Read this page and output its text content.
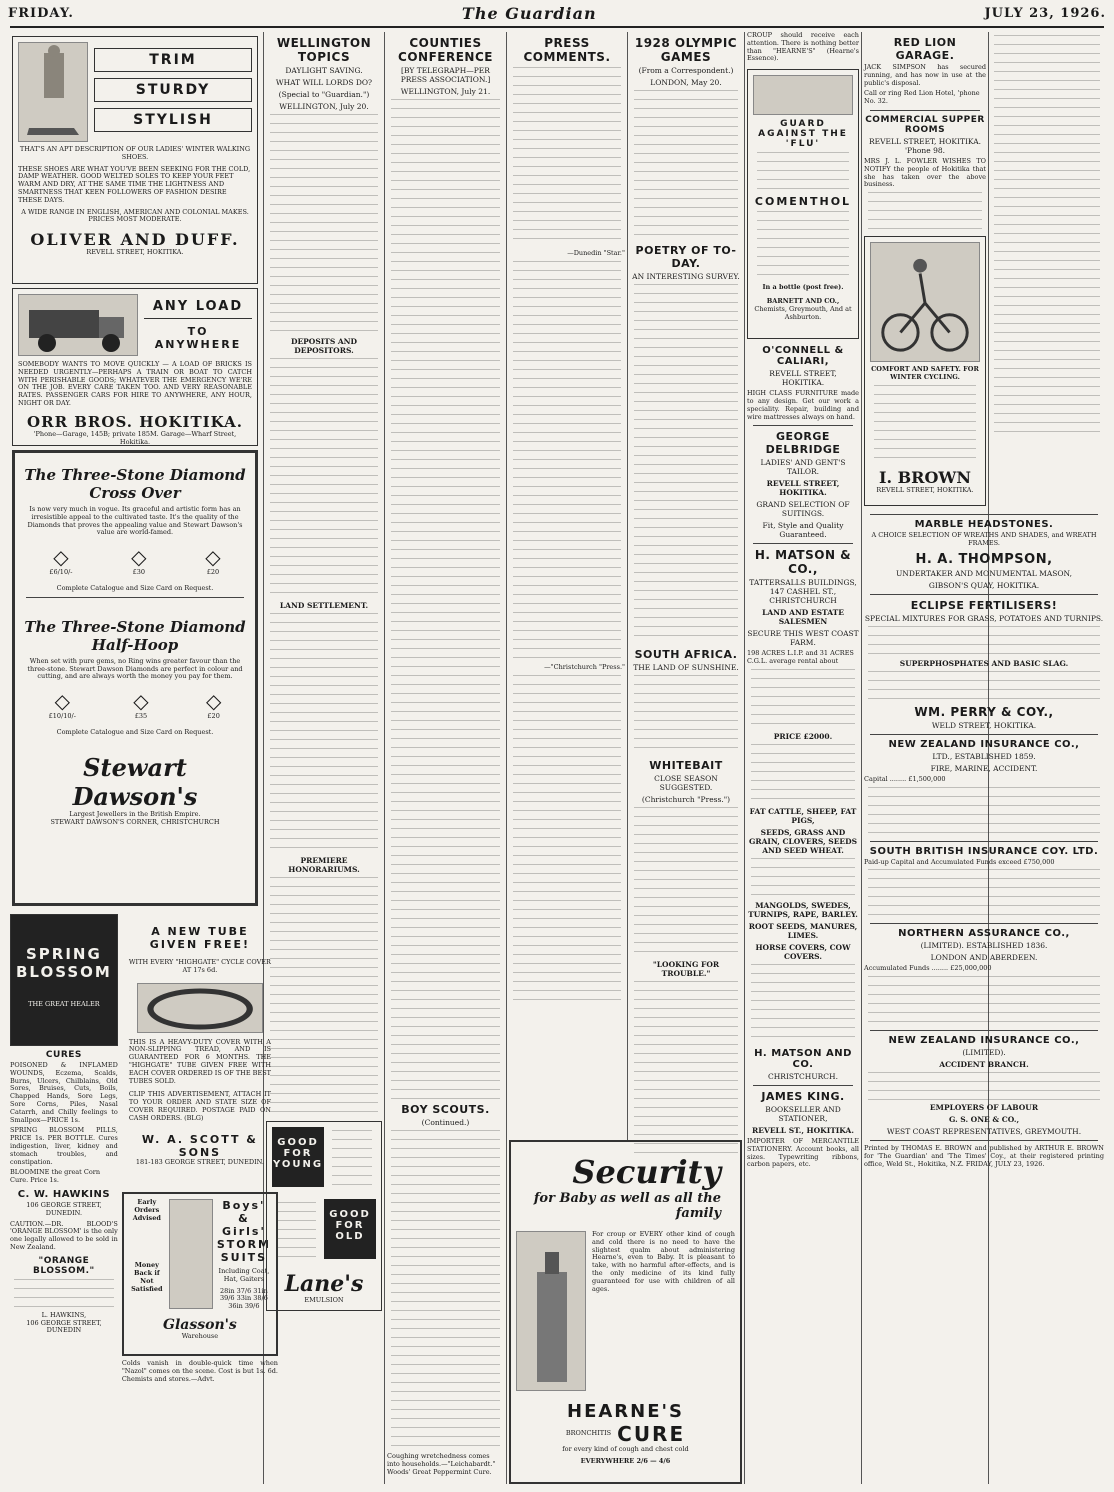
FRIDAY.	The Guardian	JULY 23, 1926.
TRIM
STURDY
STYLISH
THAT'S AN APT DESCRIPTION OF OUR LADIES' WINTER WALKING SHOES.
THESE SHOES ARE WHAT YOU'VE BEEN SEEKING FOR THE COLD, DAMP WEATHER. GOOD WELTED SOLES TO KEEP YOUR FEET WARM AND DRY, AT THE SAME TIME THE LIGHTNESS AND SMARTNESS THAT KEEN FOLLOWERS OF FASHION DESIRE THESE DAYS.
A WIDE RANGE IN ENGLISH, AMERICAN AND COLONIAL MAKES. PRICES MOST MODERATE.
OLIVER AND DUFF.
REVELL STREET, HOKITIKA.
ANY LOAD
TO ANYWHERE
SOMEBODY WANTS TO MOVE QUICKLY — A LOAD OF BRICKS IS NEEDED URGENTLY—PERHAPS A TRAIN OR BOAT TO CATCH WITH PERISHABLE GOODS; WHATEVER THE EMERGENCY WE'RE ON THE JOB. EVERY CARE TAKEN TOO. AND VERY REASONABLE RATES. PASSENGER CARS FOR HIRE TO ANYWHERE, ANY HOUR, NIGHT OR DAY.
ORR BROS. HOKITIKA.
'Phone—Garage, 145B; private 185M. Garage—Wharf Street, Hokitika.
The Three-Stone Diamond Cross Over
Is now very much in vogue. Its graceful and artistic form has an irresistible appeal to the cultivated taste. It's the quality of the Diamonds that proves the appealing value and Stewart Dawson's value are world-famed.
◇
£6/10/-
◇
£30
◇
£20
Complete Catalogue and Size Card on Request.
The Three-Stone Diamond Half-Hoop
When set with pure gems, no Ring wins greater favour than the three-stone. Stewart Dawson Diamonds are perfect in colour and cutting, and are always worth the money you pay for them.
◇
£10/10/-
◇
£35
◇
£20
Complete Catalogue and Size Card on Request.
Stewart Dawson's
Largest Jewellers in the British Empire.
STEWART DAWSON'S CORNER, CHRISTCHURCH
SPRING BLOSSOM
THE GREAT HEALER
CURES
POISONED & INFLAMED WOUNDS, Eczema, Scalds, Burns, Ulcers, Chilblains, Old Sores, Bruises, Cuts, Boils, Chapped Hands, Sore Legs, Sore Corns, Piles, Nasal Catarrh, and Chilly feelings to Smallpox—PRICE 1s.
SPRING BLOSSOM PILLS, PRICE 1s. PER BOTTLE. Cures indigestion, liver, kidney and stomach troubles, and constipation.
BLOOMINE the great Corn Cure. Price 1s.
C. W. HAWKINS
106 GEORGE STREET, DUNEDIN.
CAUTION.—DR. BLOOD'S 'ORANGE BLOSSOM' is the only one legally allowed to be sold in New Zealand.
"ORANGE BLOSSOM."
L. HAWKINS,
106 GEORGE STREET, DUNEDIN
A NEW TUBE GIVEN FREE!
WITH EVERY "HIGHGATE" CYCLE COVER AT 17s 6d.
THIS IS A HEAVY-DUTY COVER WITH A NON-SLIPPING TREAD, AND IS GUARANTEED FOR 6 MONTHS. THE "HIGHGATE" TUBE GIVEN FREE WITH EACH COVER ORDERED IS OF THE BEST TUBES SOLD.
CLIP THIS ADVERTISEMENT, ATTACH IT TO YOUR ORDER AND STATE SIZE OF COVER REQUIRED. POSTAGE PAID ON CASH ORDERS. (BLG)
W. A. SCOTT & SONS
181-183 GEORGE STREET, DUNEDIN.
Early Orders Advised
Money Back if Not Satisfied
Boys' & Girls' STORM SUITS
Including Coat, Hat, Gaiters
28in 37/6 31in 39/6 33in 38/6 36in 39/6
Glasson's
Warehouse
Colds vanish in double-quick time when "Nazol" comes on the scene. Cost is but 1s. 6d. Chemists and stores.—Advt.
WELLINGTON TOPICS
DAYLIGHT SAVING.
WHAT WILL LORDS DO?
(Special to "Guardian.")
WELLINGTON, July 20.
DEPOSITS AND DEPOSITORS.
LAND SETTLEMENT.
PREMIERE HONORARIUMS.
GOOD FOR YOUNG
GOOD FOR OLD
Lane's
EMULSION
COUNTIES CONFERENCE
[BY TELEGRAPH—PER PRESS ASSOCIATION.]
WELLINGTON, July 21.
BOY SCOUTS.
(Continued.)
Coughing wretchedness comes into households.—"Leichabardt."
Woods' Great Peppermint Cure.
PRESS COMMENTS.
—Dunedin "Star."
—"Christchurch "Press."
Security
for Baby as well as all the family
For croup or EVERY other kind of cough and cold there is no need to have the slightest qualm about administering Hearne's, even to Baby. It is pleasant to take, with no harmful after-effects, and is the only medicine of its kind fully guaranteed for use with children of all ages.
HEARNE'S
BRONCHITIS CURE
for every kind of cough and chest cold
EVERYWHERE 2/6 — 4/6
1928 OLYMPIC GAMES
(From a Correspondent.)
LONDON, May 20.
POETRY OF TO-DAY.
AN INTERESTING SURVEY.
SOUTH AFRICA.
THE LAND OF SUNSHINE.
WHITEBAIT
CLOSE SEASON SUGGESTED.
(Christchurch "Press.")
"LOOKING FOR TROUBLE."
CROUP should receive each attention. There is nothing better than "HEARNE'S" (Hearne's Essence).
GUARD AGAINST THE 'FLU'
COMENTHOL
In a bottle (post free).
BARNETT AND CO.,
Chemists, Greymouth, And at Ashburton.
O'CONNELL & CALIARI,
REVELL STREET, HOKITIKA.
HIGH CLASS FURNITURE made to any design. Get our work a speciality. Repair, building and wire mattresses always on hand.
GEORGE DELBRIDGE
LADIES' AND GENT'S TAILOR.
REVELL STREET, HOKITIKA.
GRAND SELECTION OF SUITINGS.
Fit, Style and Quality Guaranteed.
H. MATSON & CO.,
TATTERSALLS BUILDINGS, 147 CASHEL ST., CHRISTCHURCH
LAND AND ESTATE SALESMEN
SECURE THIS WEST COAST FARM.
198 ACRES L.I.P. and 31 ACRES C.G.L. average rental about
PRICE £2000.
FAT CATTLE, SHEEP, FAT PIGS,
SEEDS, GRASS AND GRAIN, CLOVERS, SEEDS AND SEED WHEAT.
MANGOLDS, SWEDES, TURNIPS, RAPE, BARLEY.
ROOT SEEDS, MANURES, LIMES.
HORSE COVERS, COW COVERS.
H. MATSON AND CO.
CHRISTCHURCH.
JAMES KING.
BOOKSELLER AND STATIONER,
REVELL ST., HOKITIKA.
IMPORTER OF MERCANTILE STATIONERY. Account books, all sizes. Typewriting ribbons, carbon papers, etc.
RED LION GARAGE.
JACK SIMPSON has secured running, and has now in use at the public's disposal.
Call or ring Red Lion Hotel, 'phone No. 32.
COMMERCIAL SUPPER ROOMS
REVELL STREET, HOKITIKA. 'Phone 98.
MRS J. L. FOWLER WISHES TO NOTIFY the people of Hokitika that she has taken over the above business.
COMFORT AND SAFETY. FOR WINTER CYCLING.
I. BROWN
REVELL STREET, HOKITIKA.
MARBLE HEADSTONES.
A CHOICE SELECTION OF WREATHS AND SHADES, and WREATH FRAMES.
H. A. THOMPSON,
UNDERTAKER AND MONUMENTAL MASON,
GIBSON'S QUAY, HOKITIKA.
ECLIPSE FERTILISERS!
SPECIAL MIXTURES FOR GRASS, POTATOES AND TURNIPS.
SUPERPHOSPHATES AND BASIC SLAG.
WM. PERRY & COY.,
WELD STREET, HOKITIKA.
NEW ZEALAND INSURANCE CO.,
LTD., ESTABLISHED 1859.
FIRE, MARINE, ACCIDENT.
Capital ........ £1,500,000
SOUTH BRITISH INSURANCE COY. LTD.
Paid-up Capital and Accumulated Funds exceed £750,000
NORTHERN ASSURANCE CO.,
(LIMITED). ESTABLISHED 1836.
LONDON AND ABERDEEN.
Accumulated Funds ........ £25,000,000
NEW ZEALAND INSURANCE CO.,
(LIMITED).
ACCIDENT BRANCH.
EMPLOYERS OF LABOUR
G. S. ONE & CO.,
WEST COAST REPRESENTATIVES, GREYMOUTH.
Printed by THOMAS E. BROWN and published by ARTHUR E. BROWN for 'The Guardian' and 'The Times' Coy., at their registered printing office, Weld St., Hokitika, N.Z. FRIDAY, JULY 23, 1926.
